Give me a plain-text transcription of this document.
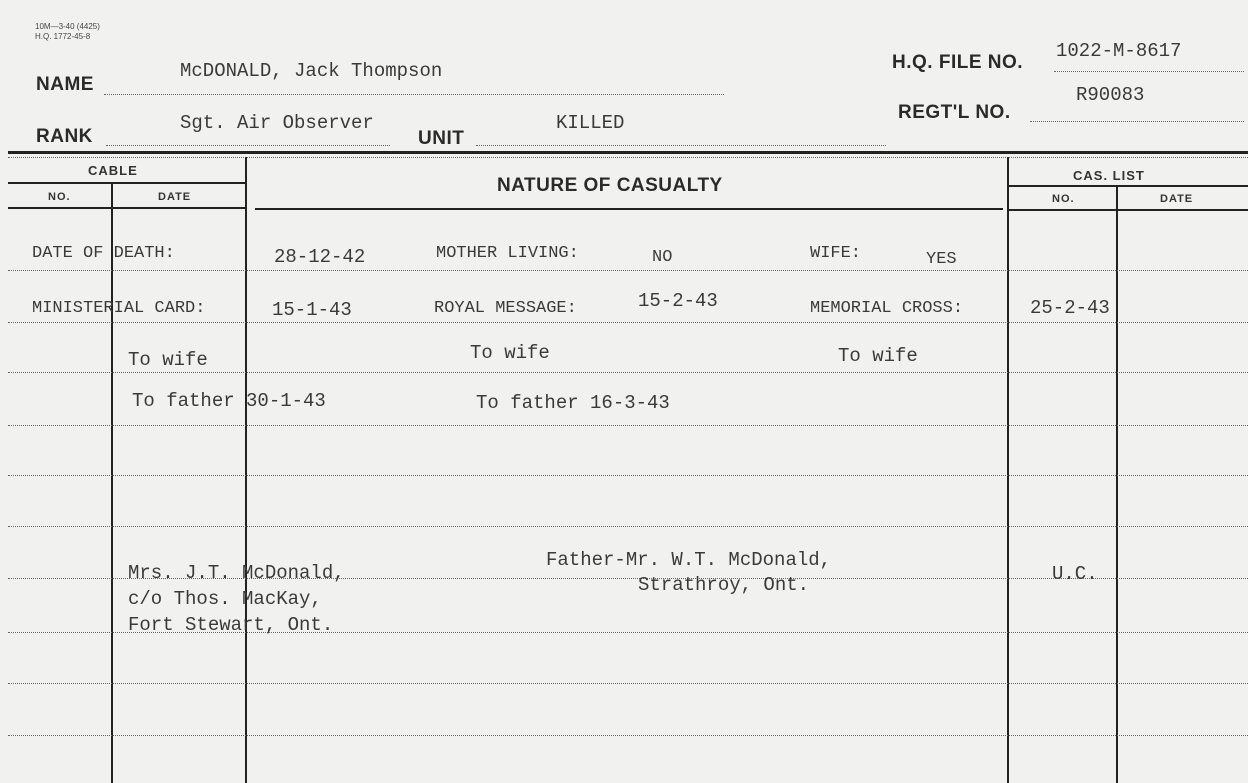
10M—3-40 (4425)
H.Q. 1772-45-8
NAME
McDONALD, Jack Thompson
RANK
Sgt. Air Observer
UNIT
KILLED
H.Q. FILE NO.
1022-M-8617
REGT'L NO.
R90083
CABLE
NO.	DATE
NATURE OF CASUALTY	CAS. LIST
NO.	DATE
DATE OF DEATH:	28-12-42	MOTHER LIVING:	NO	WIFE:	YES
MINISTERIAL CARD:	15-1-43	ROYAL MESSAGE:	15-2-43	MEMORIAL CROSS:	25-2-43
To wife	To wife	To wife
To father 30-1-43	To father 16-3-43
Mrs. J.T. McDonald,
c/o Thos. MacKay,
Fort Stewart, Ont.
Father-Mr. W.T. McDonald,
Strathroy, Ont.	U.C.
